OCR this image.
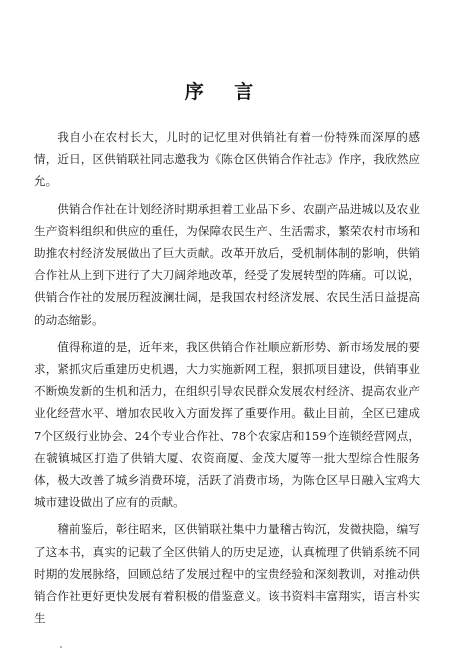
序 言

我自小在农村长大，儿时的记忆里对供销社有着一份特殊而深厚的感情，近日，区供销联社同志邀我为《陈仓区供销合作社志》作序，我欣然应允。

供销合作社在计划经济时期承担着工业品下乡、农副产品进城以及农业生产资料组织和供应的重任，为保障农民生产、生活需求，繁荣农村市场和助推农村经济发展做出了巨大贡献。改革开放后，受机制体制的影响，供销合作社从上到下进行了大刀阔斧地改革，经受了发展转型的阵痛。可以说，供销合作社的发展历程波澜壮阔，是我国农村经济发展、农民生活日益提高的动态缩影。

值得称道的是，近年来，我区供销合作社顺应新形势、新市场发展的要求，紧抓灾后重建历史机遇，大力实施新网工程，狠抓项目建设，供销事业不断焕发新的生机和活力，在组织引导农民群众发展农村经济、提高农业产业化经营水平、增加农民收入方面发挥了重要作用。截止目前，全区已建成7个区级行业协会、24个专业合作社、78个农家店和159个连锁经营网点，在虢镇城区打造了供销大厦、农资商厦、金茂大厦等一批大型综合性服务体，极大改善了城乡消费环境，活跃了消费市场，为陈仓区早日融入宝鸡大城市建设做出了应有的贡献。

稽前鉴后，彰往昭来，区供销联社集中力量稽古钩沉，发微抉隐，编写了这本书，真实的记载了全区供销人的历史足迹，认真梳理了供销系统不同时期的发展脉络，回顾总结了发展过程中的宝贵经验和深刻教训，对推动供销合作社更好更快发展有着积极的借鉴意义。该书资料丰富翔实，语言朴实生
